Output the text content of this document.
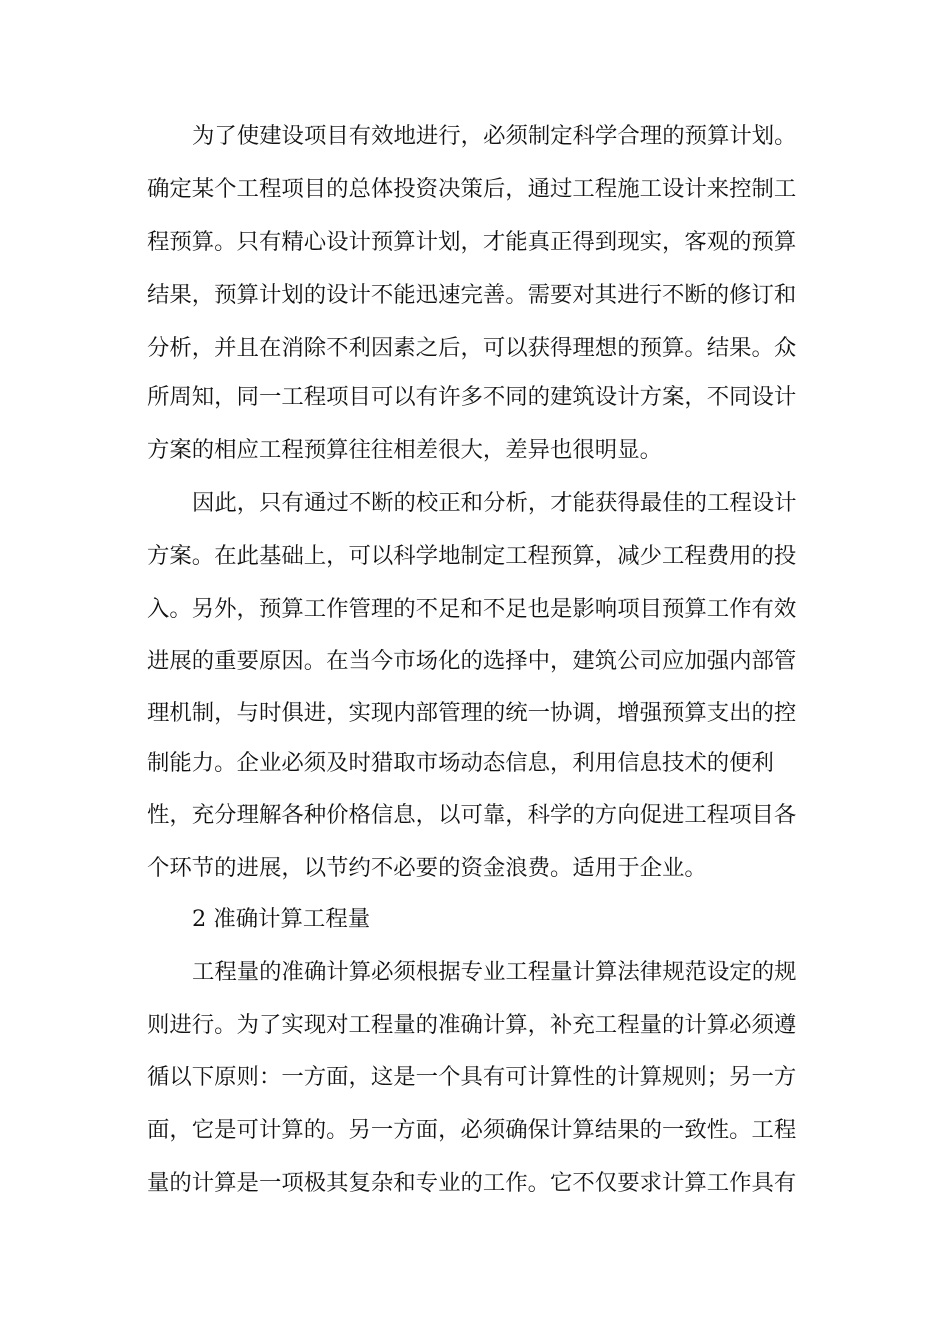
为了使建设项目有效地进行，必须制定科学合理的预算计划。
确定某个工程项目的总体投资决策后，通过工程施工设计来控制工
程预算。只有精心设计预算计划，才能真正得到现实，客观的预算
结果，预算计划的设计不能迅速完善。需要对其进行不断的修订和
分析，并且在消除不利因素之后，可以获得理想的预算。结果。众
所周知，同一工程项目可以有许多不同的建筑设计方案，不同设计
方案的相应工程预算往往相差很大，差异也很明显。
因此，只有通过不断的校正和分析，才能获得最佳的工程设计
方案。在此基础上，可以科学地制定工程预算，减少工程费用的投
入。另外，预算工作管理的不足和不足也是影响项目预算工作有效
进展的重要原因。在当今市场化的选择中，建筑公司应加强内部管
理机制，与时俱进，实现内部管理的统一协调，增强预算支出的控
制能力。企业必须及时猎取市场动态信息，利用信息技术的便利
性，充分理解各种价格信息，以可靠，科学的方向促进工程项目各
个环节的进展，以节约不必要的资金浪费。适用于企业。
2 准确计算工程量
工程量的准确计算必须根据专业工程量计算法律规范设定的规
则进行。为了实现对工程量的准确计算，补充工程量的计算必须遵
循以下原则：一方面，这是一个具有可计算性的计算规则；另一方
面，它是可计算的。另一方面，必须确保计算结果的一致性。工程
量的计算是一项极其复杂和专业的工作。它不仅要求计算工作具有
